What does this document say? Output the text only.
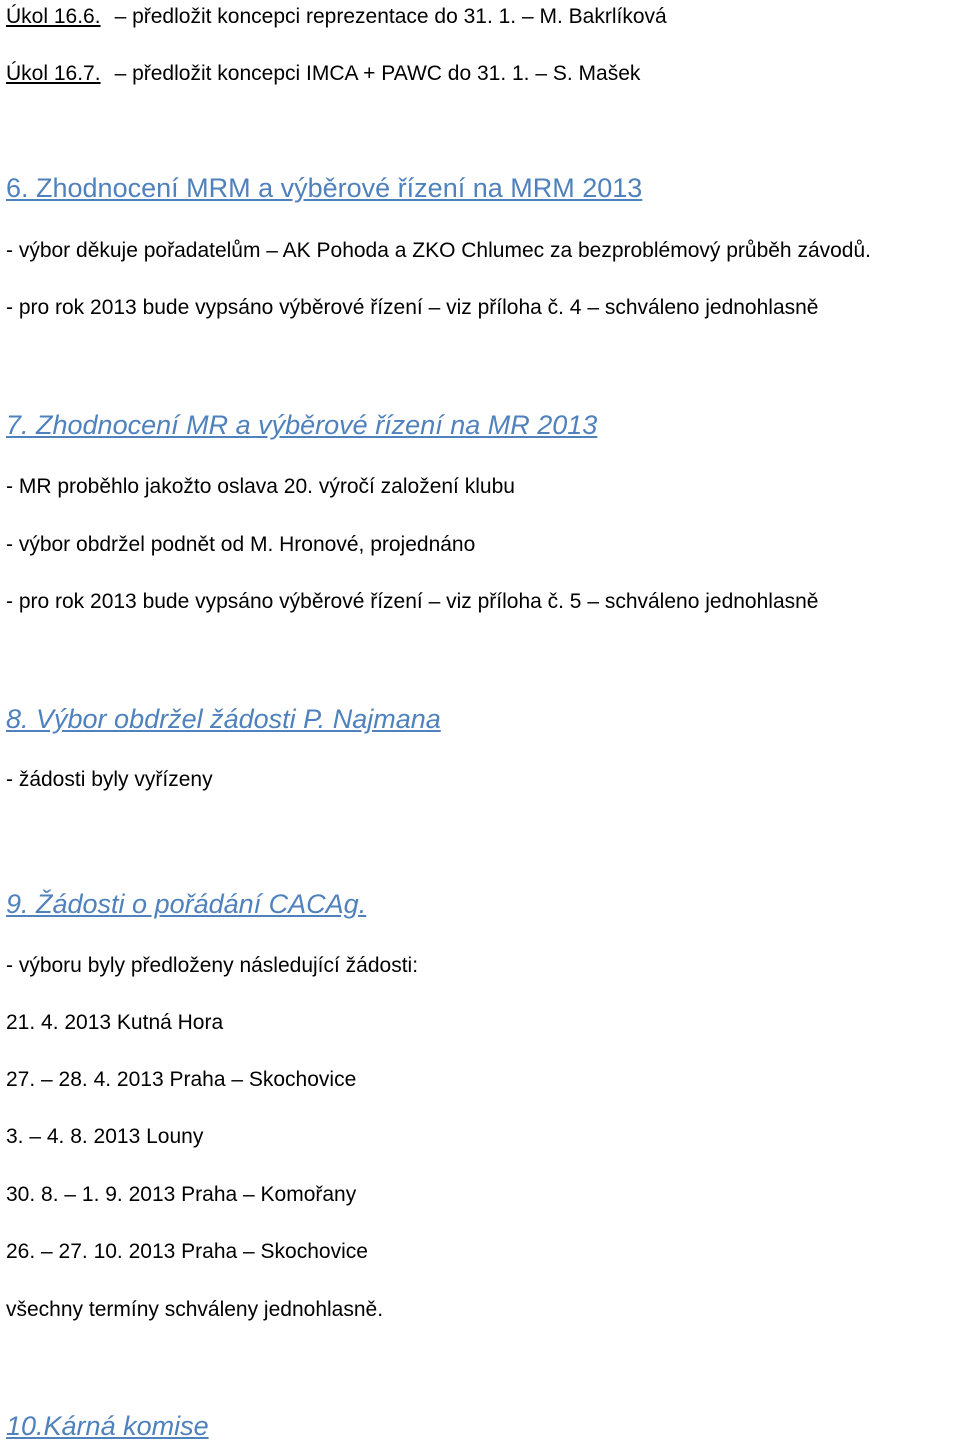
Úkol 16.6. – předložit koncepci reprezentace do 31. 1. – M. Bakrlíková
Úkol 16.7. – předložit koncepci IMCA + PAWC do 31. 1. – S. Mašek
6. Zhodnocení MRM a výběrové řízení na MRM 2013
- výbor děkuje pořadatelům – AK Pohoda a ZKO Chlumec za bezproblémový průběh závodů.
- pro rok 2013 bude vypsáno výběrové řízení – viz příloha č. 4 – schváleno jednohlasně
7. Zhodnocení MR a výběrové řízení na MR 2013
- MR proběhlo jakožto oslava 20. výročí založení klubu
- výbor obdržel podnět od M. Hronové, projednáno
- pro rok 2013 bude vypsáno výběrové řízení – viz příloha č. 5 – schváleno jednohlasně
8. Výbor obdržel žádosti P. Najmana
- žádosti byly vyřízeny
9. Žádosti o pořádání CACAg.
- výboru byly předloženy následující žádosti:
21. 4. 2013 Kutná Hora
27. – 28. 4. 2013 Praha – Skochovice
3. – 4. 8. 2013 Louny
30. 8. – 1. 9. 2013 Praha – Komořany
26. – 27. 10. 2013 Praha – Skochovice
všechny termíny schváleny jednohlasně.
10.Kárná komise
